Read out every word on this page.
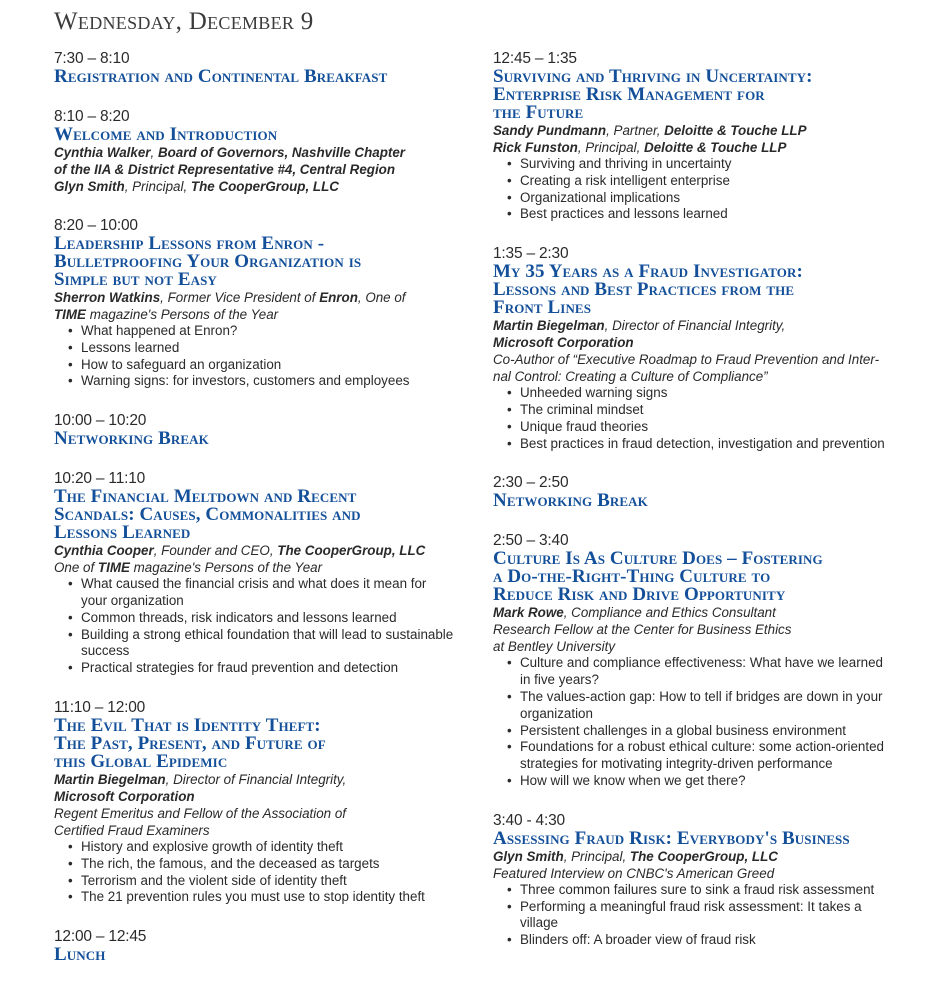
Wednesday, December 9
7:30 – 8:10
Registration and Continental Breakfast
8:10 – 8:20
Welcome and Introduction
Cynthia Walker, Board of Governors, Nashville Chapter
of the IIA & District Representative #4, Central Region
Glyn Smith, Principal, The CooperGroup, LLC
8:20 – 10:00
Leadership Lessons from Enron -
Bulletproofing Your Organization is
Simple but not Easy
Sherron Watkins, Former Vice President of Enron, One of
TIME magazine's Persons of the Year
• What happened at Enron?
• Lessons learned
• How to safeguard an organization
• Warning signs: for investors, customers and employees
10:00 – 10:20
Networking Break
10:20 – 11:10
The Financial Meltdown and Recent
Scandals: Causes, Commonalities and
Lessons Learned
Cynthia Cooper, Founder and CEO, The CooperGroup, LLC
One of TIME magazine's Persons of the Year
• What caused the financial crisis and what does it mean for your organization
• Common threads, risk indicators and lessons learned
• Building a strong ethical foundation that will lead to sustainable success
• Practical strategies for fraud prevention and detection
11:10 – 12:00
The Evil That is Identity Theft:
The Past, Present, and Future of
this Global Epidemic
Martin Biegelman, Director of Financial Integrity,
Microsoft Corporation
Regent Emeritus and Fellow of the Association of
Certified Fraud Examiners
• History and explosive growth of identity theft
• The rich, the famous, and the deceased as targets
• Terrorism and the violent side of identity theft
• The 21 prevention rules you must use to stop identity theft
12:00 – 12:45
Lunch
12:45 – 1:35
Surviving and Thriving in Uncertainty:
Enterprise Risk Management for
the Future
Sandy Pundmann, Partner, Deloitte & Touche LLP
Rick Funston, Principal, Deloitte & Touche LLP
• Surviving and thriving in uncertainty
• Creating a risk intelligent enterprise
• Organizational implications
• Best practices and lessons learned
1:35 – 2:30
My 35 Years as a Fraud Investigator:
Lessons and Best Practices from the
Front Lines
Martin Biegelman, Director of Financial Integrity,
Microsoft Corporation
Co-Author of “Executive Roadmap to Fraud Prevention and Inter-
nal Control: Creating a Culture of Compliance”
• Unheeded warning signs
• The criminal mindset
• Unique fraud theories
• Best practices in fraud detection, investigation and prevention
2:30 – 2:50
Networking Break
2:50 – 3:40
Culture Is As Culture Does – Fostering
a Do-the-Right-Thing Culture to
Reduce Risk and Drive Opportunity
Mark Rowe, Compliance and Ethics Consultant
Research Fellow at the Center for Business Ethics
at Bentley University
• Culture and compliance effectiveness: What have we learned in five years?
• The values-action gap: How to tell if bridges are down in your organization
• Persistent challenges in a global business environment
• Foundations for a robust ethical culture: some action-oriented strategies for motivating integrity-driven performance
• How will we know when we get there?
3:40 - 4:30
Assessing Fraud Risk: Everybody's Business
Glyn Smith, Principal, The CooperGroup, LLC
Featured Interview on CNBC's American Greed
• Three common failures sure to sink a fraud risk assessment
• Performing a meaningful fraud risk assessment: It takes a village
• Blinders off: A broader view of fraud risk
